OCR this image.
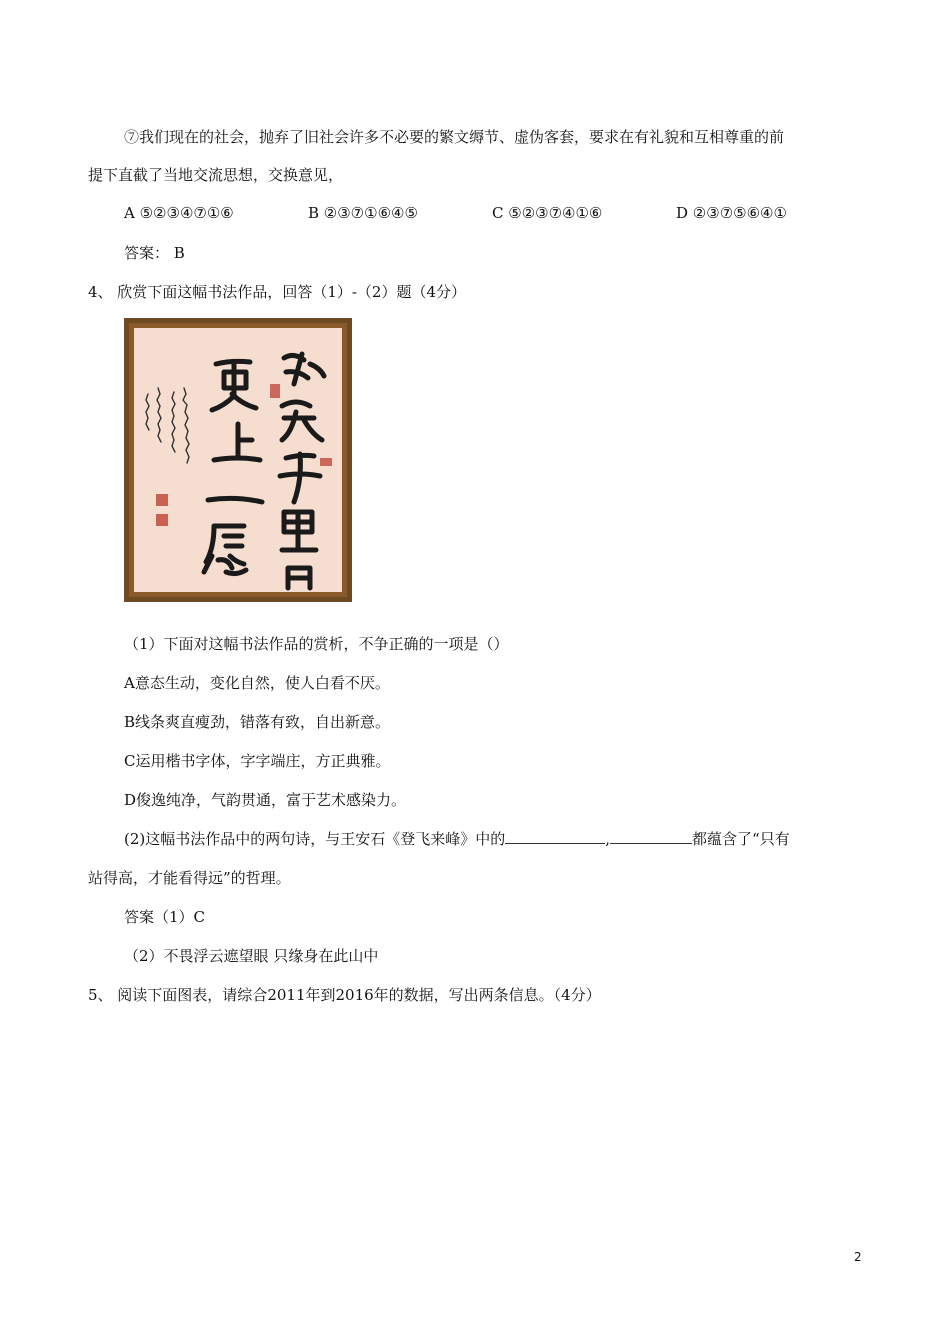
⑦我们现在的社会，抛弃了旧社会许多不必要的繁文缛节、虚伪客套，要求在有礼貌和互相尊重的前
提下直截了当地交流思想，交换意见，
A ⑤②③④⑦①⑥	B ②③⑦①⑥④⑤	C ⑤②③⑦④①⑥	D ②③⑦⑤⑥④①
答案： B
4、 欣赏下面这幅书法作品，回答（1）-（2）题（4分）
（1）下面对这幅书法作品的赏析，不争正确的一项是（）
A意态生动，变化自然，使人白看不厌。
B线条爽直瘦劲，错落有致，自出新意。
C运用楷书字体，字字端庄，方正典雅。
D俊逸纯净，气韵贯通，富于艺术感染力。
(2)这幅书法作品中的两句诗，与王安石《登飞来峰》中的	,	都蕴含了“只有
站得高，才能看得远”的哲理。
答案（1）C
（2）不畏浮云遮望眼 只缘身在此山中
5、 阅读下面图表，请综合2011年到2016年的数据，写出两条信息。（4分）
2
